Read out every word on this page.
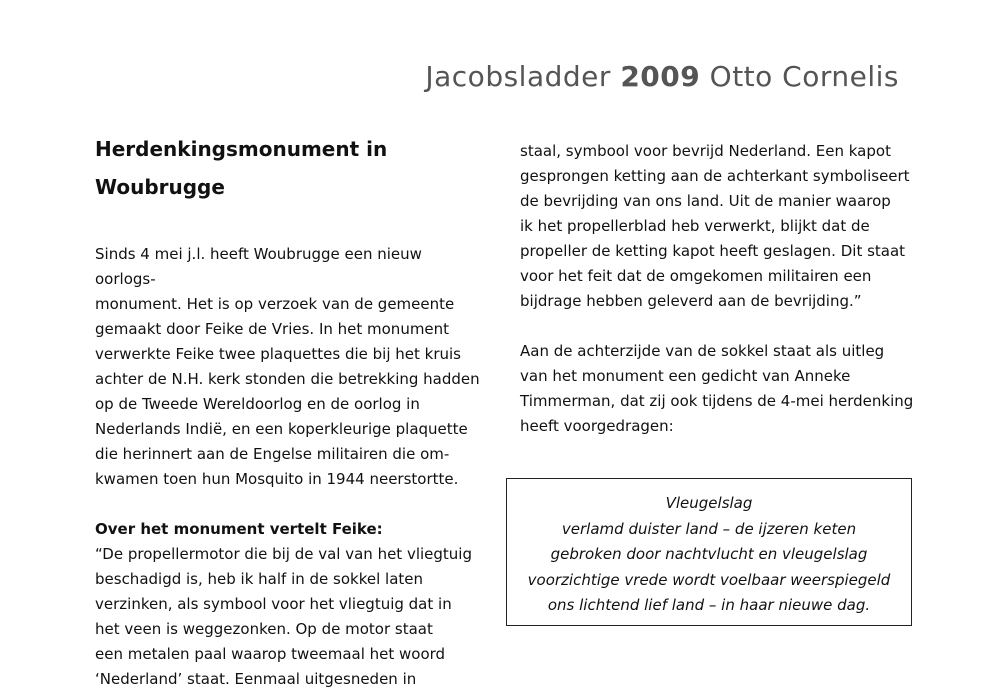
Jacobsladder 2009 Otto Cornelis

Herdenkingsmonument in

Woubrugge

Sinds 4 mei j.l. heeft Woubrugge een nieuw oorlogs-

monument. Het is op verzoek van de gemeente

gemaakt door Feike de Vries. In het monument

verwerkte Feike twee plaquettes die bij het kruis

achter de N.H. kerk stonden die betrekking hadden

op de Tweede Wereldoorlog en de oorlog in

Nederlands Indië, en een koperkleurige plaquette

die herinnert aan de Engelse militairen die om-

kwamen toen hun Mosquito in 1944 neerstortte.

Over het monument vertelt Feike:

“De propellermotor die bij de val van het vliegtuig

beschadigd is, heb ik half in de sokkel laten

verzinken, als symbool voor het vliegtuig dat in

het veen is weggezonken. Op de motor staat

een metalen paal waarop tweemaal het woord

‘Nederland’ staat. Eenmaal uitgesneden in

staal, symbool voor bevrijd Nederland. Een kapot

gesprongen ketting aan de achterkant symboliseert

de bevrijding van ons land. Uit de manier waarop

ik het propellerblad heb verwerkt, blijkt dat de

propeller de ketting kapot heeft geslagen. Dit staat

voor het feit dat de omgekomen militairen een

bijdrage hebben geleverd aan de bevrijding.”

Aan de achterzijde van de sokkel staat als uitleg

van het monument een gedicht van Anneke

Timmerman, dat zij ook tijdens de 4-mei herdenking

heeft voorgedragen:

Vleugelslag

verlamd duister land – de ijzeren keten

gebroken door nachtvlucht en vleugelslag

voorzichtige vrede wordt voelbaar weerspiegeld

ons lichtend lief land – in haar nieuwe dag.
